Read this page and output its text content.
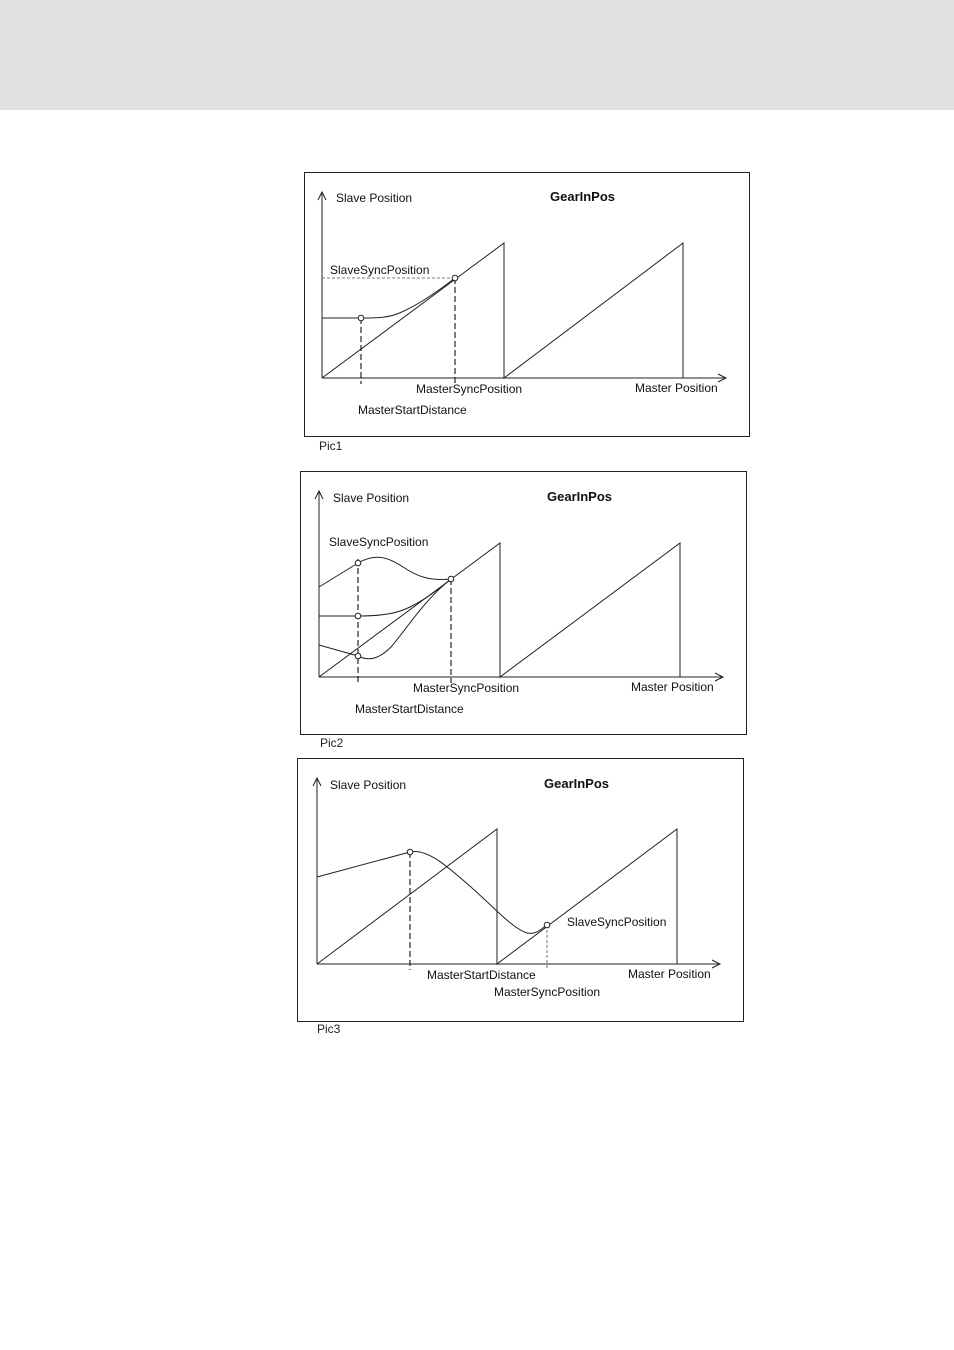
Slave Position	GearInPos
SlaveSyncPosition
MasterSyncPosition
MasterStartDistance
Master Position
Pic1
Slave Position	GearInPos
SlaveSyncPosition
MasterSyncPosition
MasterStartDistance
Master Position
Pic2
Slave Position	GearInPos
SlaveSyncPosition
MasterStartDistance
MasterSyncPosition
Master Position
Pic3
